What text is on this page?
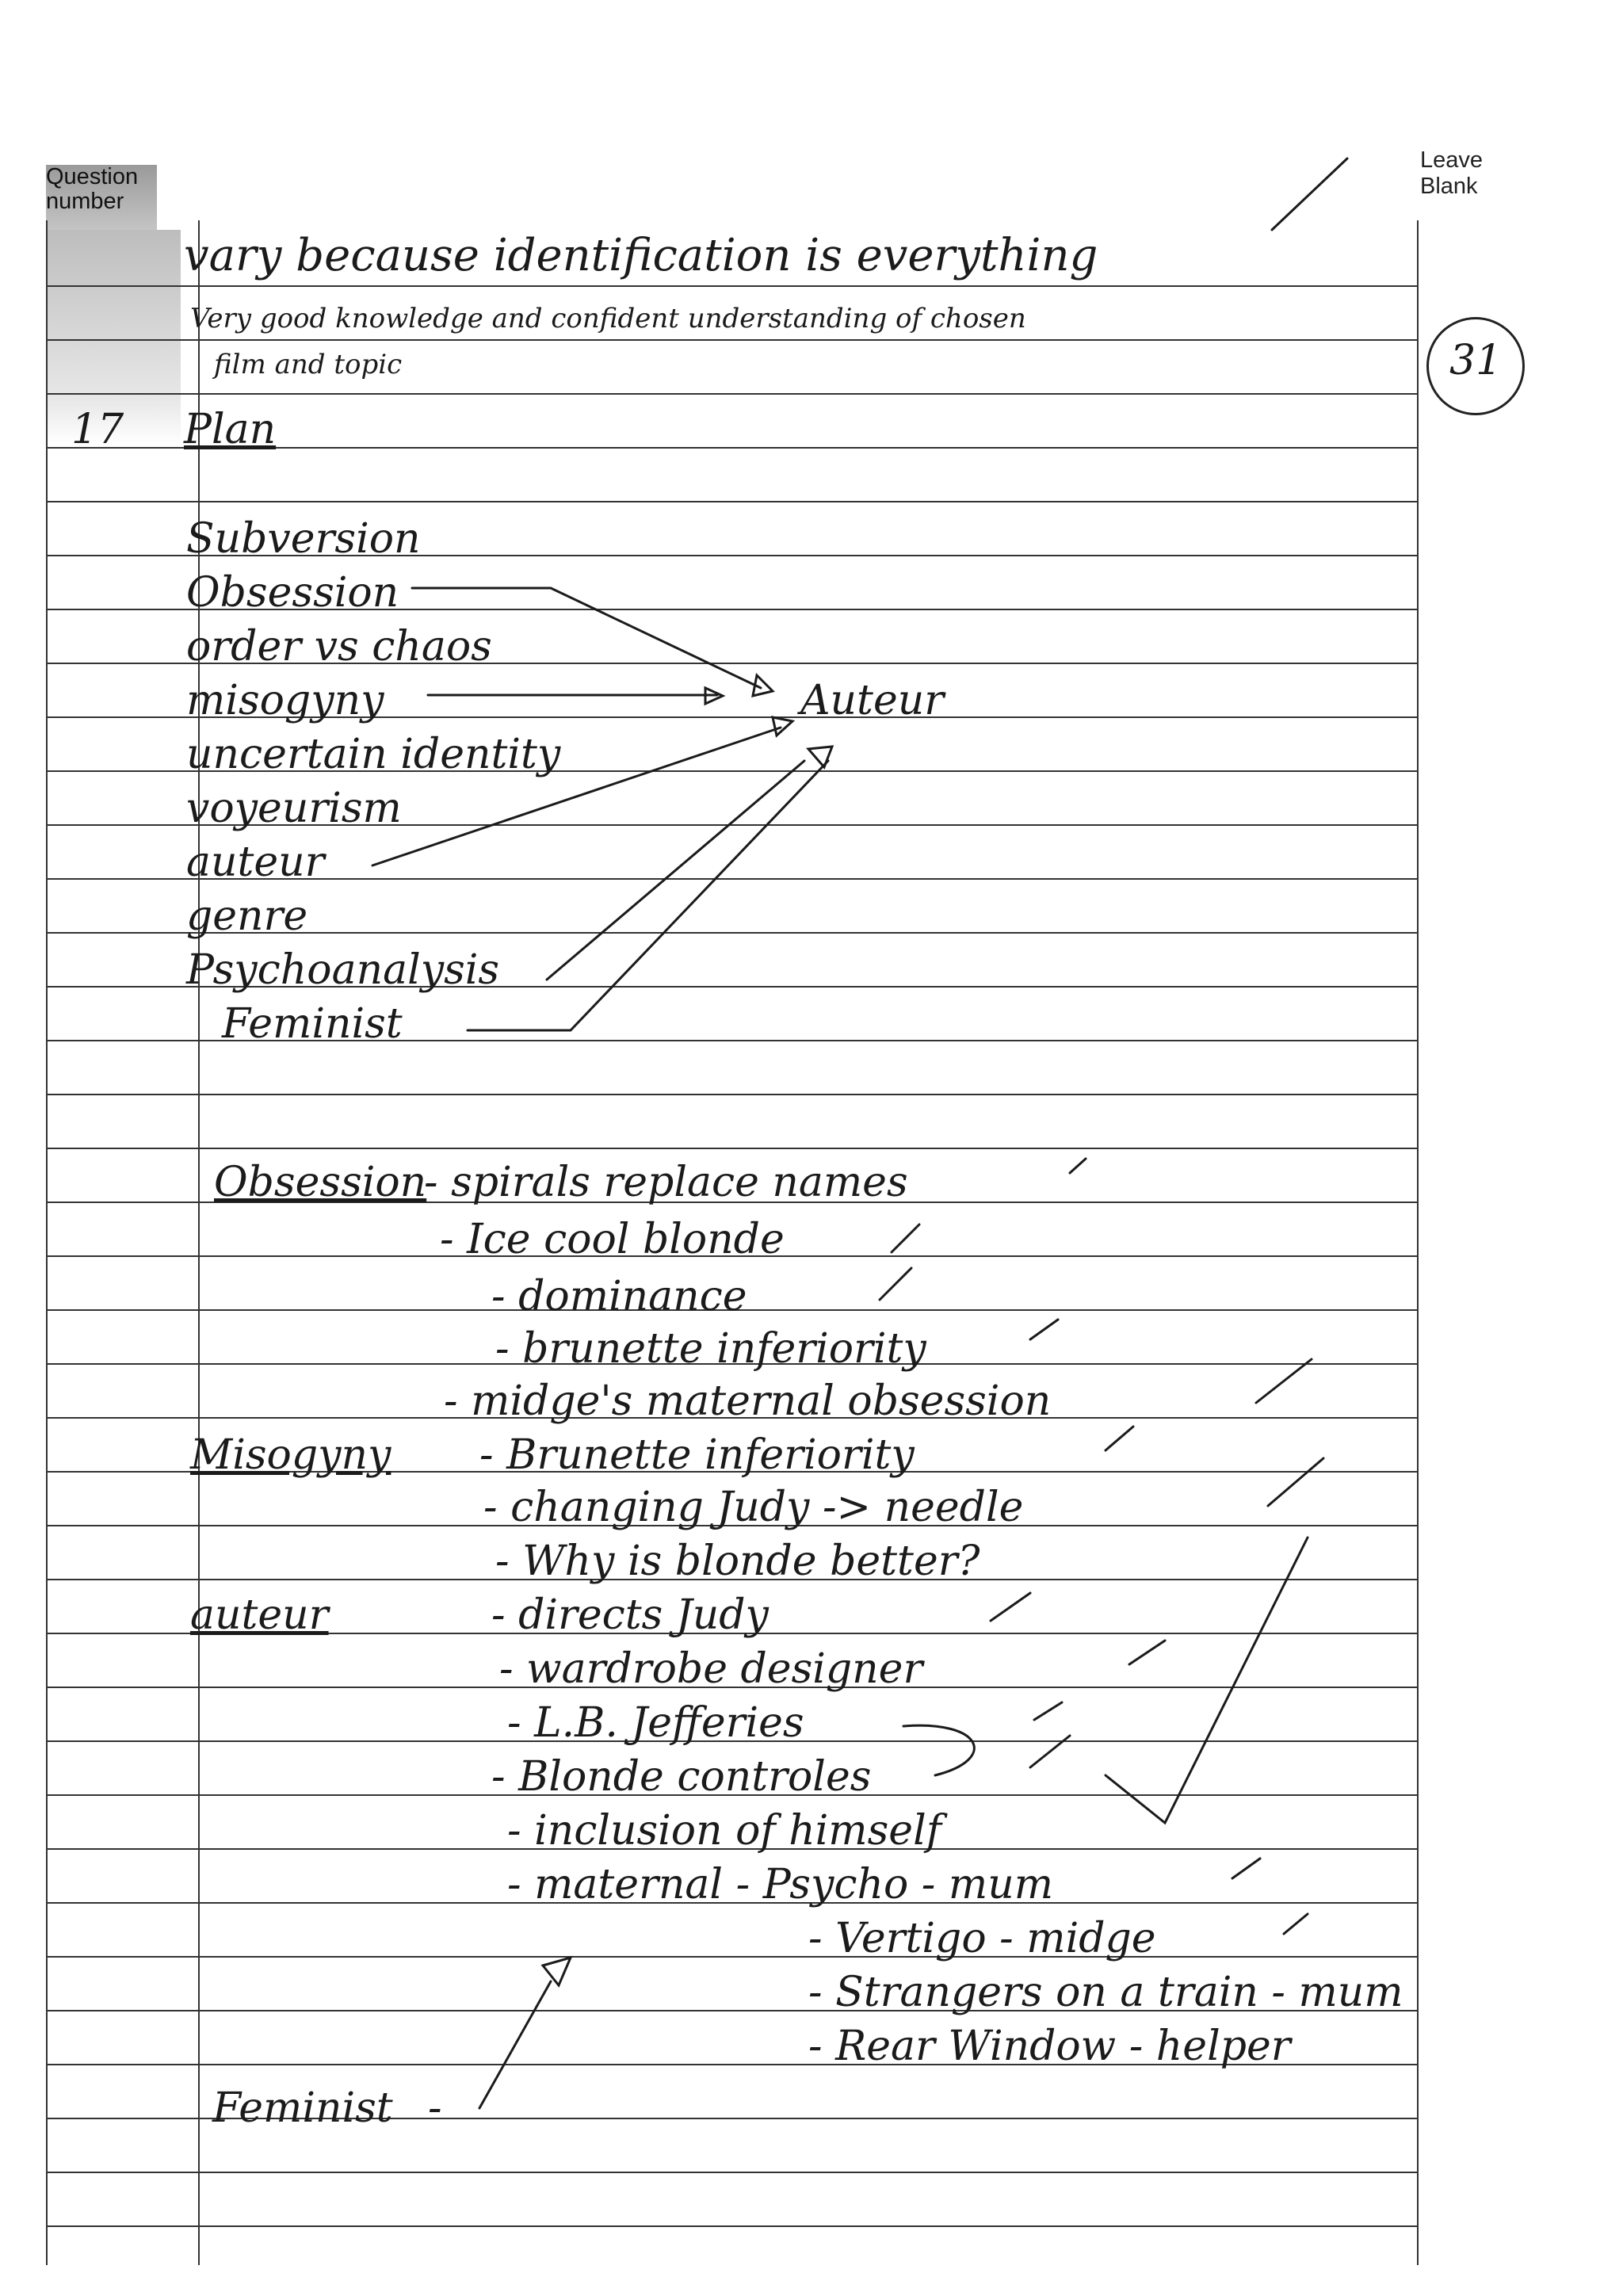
Question
number
Leave
Blank
31
vary because identification is everything
Very good knowledge and confident understanding of chosen
film and topic
17 Plan
Subversion
Obsession
order vs chaos
misogyny
uncertain identity
voyeurism
auteur
genre
Psychoanalysis
Feminist
Auteur
Obsession
- spirals replace names
- Ice cool blonde
- dominance
- brunette inferiority
- midge's maternal obsession
Misogyny - Brunette inferiority
- changing Judy -> needle
- Why is blonde better?
auteur	- directs Judy
- wardrobe designer
- L.B. Jefferies
- Blonde controles
- inclusion of himself
- maternal - Psycho - mum
- Vertigo - midge
- Strangers on a train - mum
- Rear Window - helper
Feminist -
